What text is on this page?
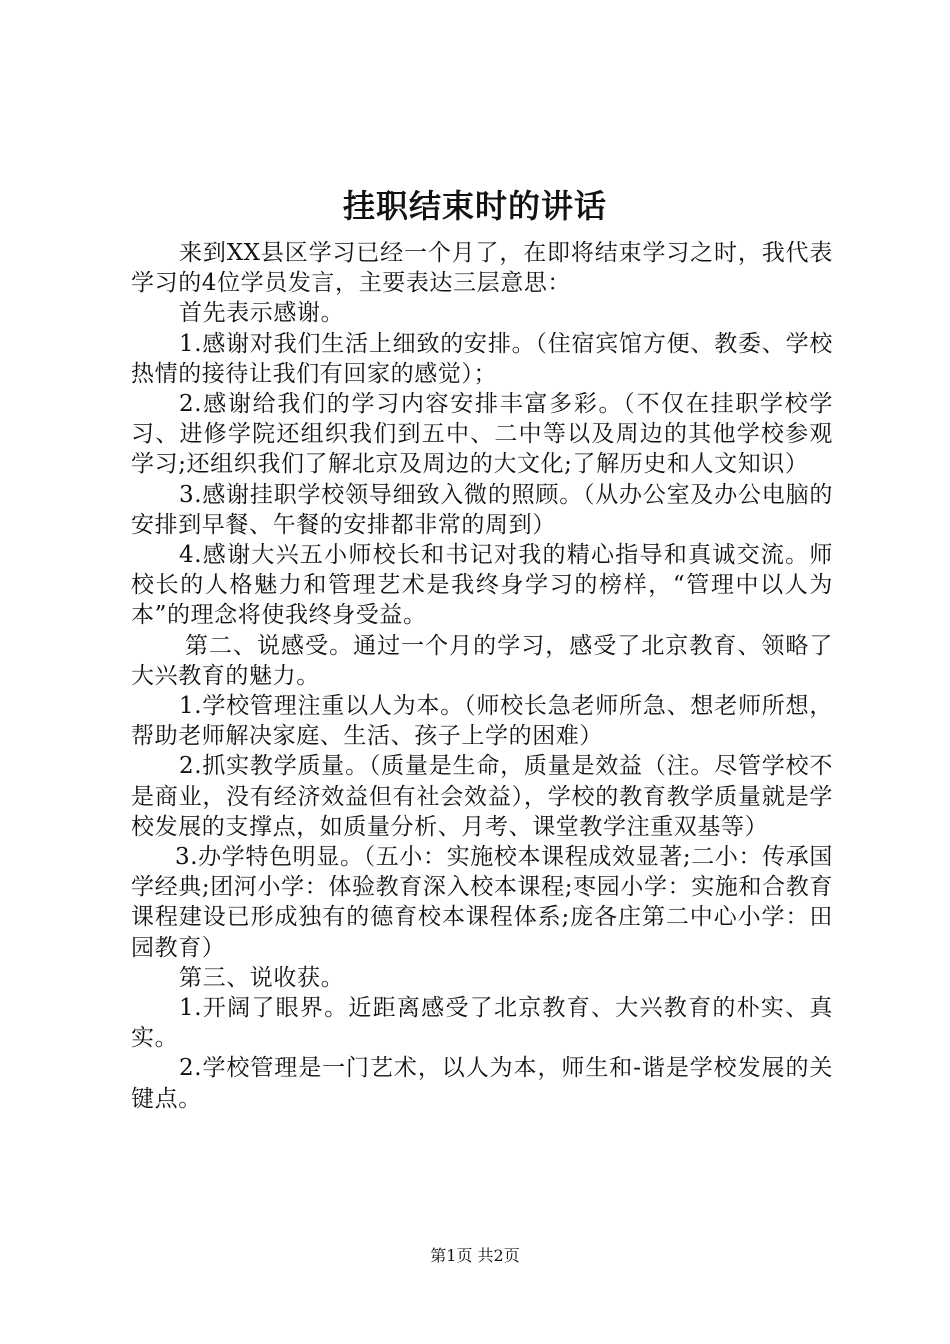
挂职结束时的讲话

来到XX县区学习已经一个月了，在即将结束学习之时，我代表学习的4位学员发言，主要表达三层意思：

首先表示感谢。

1.感谢对我们生活上细致的安排。（住宿宾馆方便、教委、学校热情的接待让我们有回家的感觉）；

2.感谢给我们的学习内容安排丰富多彩。（不仅在挂职学校学习、进修学院还组织我们到五中、二中等以及周边的其他学校参观学习;还组织我们了解北京及周边的大文化;了解历史和人文知识）

3.感谢挂职学校领导细致入微的照顾。（从办公室及办公电脑的安排到早餐、午餐的安排都非常的周到）

4.感谢大兴五小师校长和书记对我的精心指导和真诚交流。师校长的人格魅力和管理艺术是我终身学习的榜样，“管理中以人为本”的理念将使我终身受益。

第二、说感受。通过一个月的学习，感受了北京教育、领略了大兴教育的魅力。

1.学校管理注重以人为本。（师校长急老师所急、想老师所想，帮助老师解决家庭、生活、孩子上学的困难）

2.抓实教学质量。（质量是生命，质量是效益（注。尽管学校不是商业，没有经济效益但有社会效益），学校的教育教学质量就是学校发展的支撑点，如质量分析、月考、课堂教学注重双基等）

3.办学特色明显。（五小：实施校本课程成效显著;二小：传承国学经典;团河小学：体验教育深入校本课程;枣园小学：实施和合教育课程建设已形成独有的德育校本课程体系;庞各庄第二中心小学：田园教育）

第三、说收获。

1.开阔了眼界。近距离感受了北京教育、大兴教育的朴实、真实。

2.学校管理是一门艺术，以人为本，师生和-谐是学校发展的关键点。

第1页 共2页
